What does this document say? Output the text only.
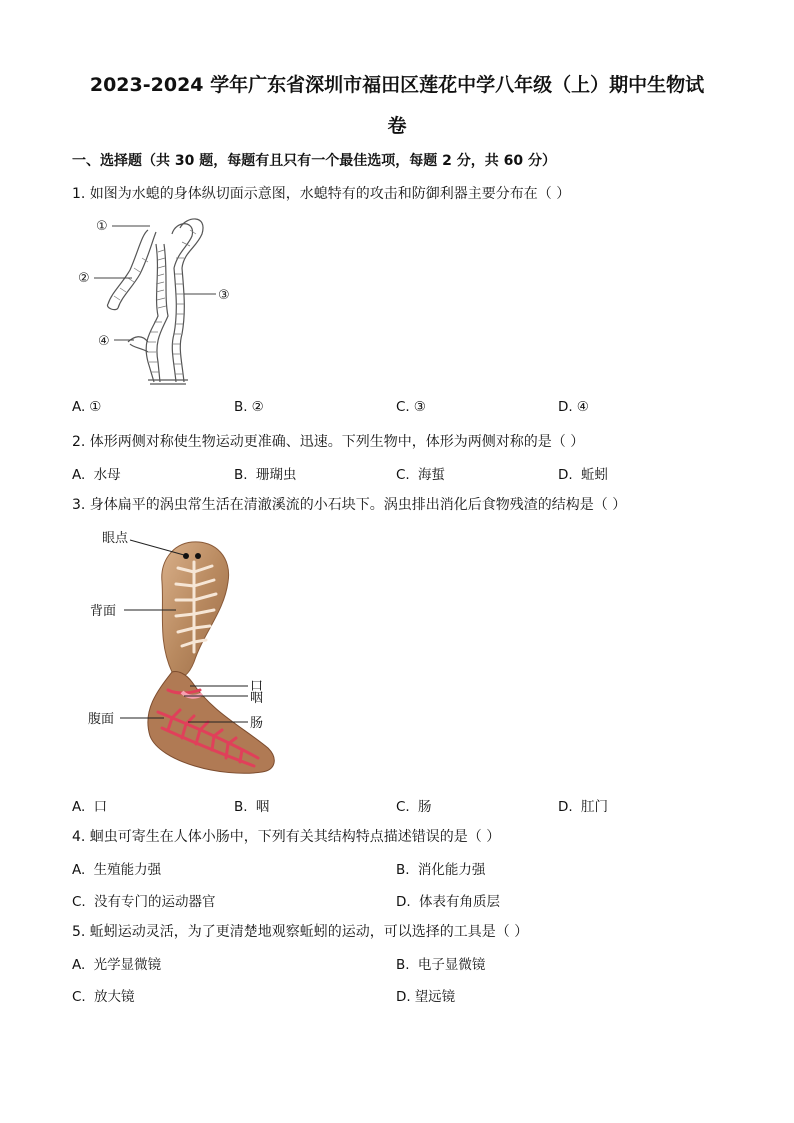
2023-2024 学年广东省深圳市福田区莲花中学八年级（上）期中生物试
卷
一、选择题（共 30 题，每题有且只有一个最佳选项，每题 2 分，共 60 分）
1. 如图为水螅的身体纵切面示意图，水螅特有的攻击和防御利器主要分布在（ ）
①
②
③
④
A. ①	B. ②	C. ③	D. ④
2. 体形两侧对称使生物运动更准确、迅速。下列生物中，体形为两侧对称的是（ ）
A. 水母	B. 珊瑚虫	C. 海蜇	D. 蚯蚓
3. 身体扁平的涡虫常生活在清澈溪流的小石块下。涡虫排出消化后食物残渣的结构是（ ）
眼点
背面
口
咽
腹面	肠
A. 口	B. 咽	C. 肠	D. 肛门
4. 蛔虫可寄生在人体小肠中，下列有关其结构特点描述错误的是（ ）
A. 生殖能力强	B. 消化能力强
C. 没有专门的运动器官	D. 体表有角质层
5. 蚯蚓运动灵活，为了更清楚地观察蚯蚓的运动，可以选择的工具是（ ）
A. 光学显微镜	B. 电子显微镜
C. 放大镜	D. 望远镜
